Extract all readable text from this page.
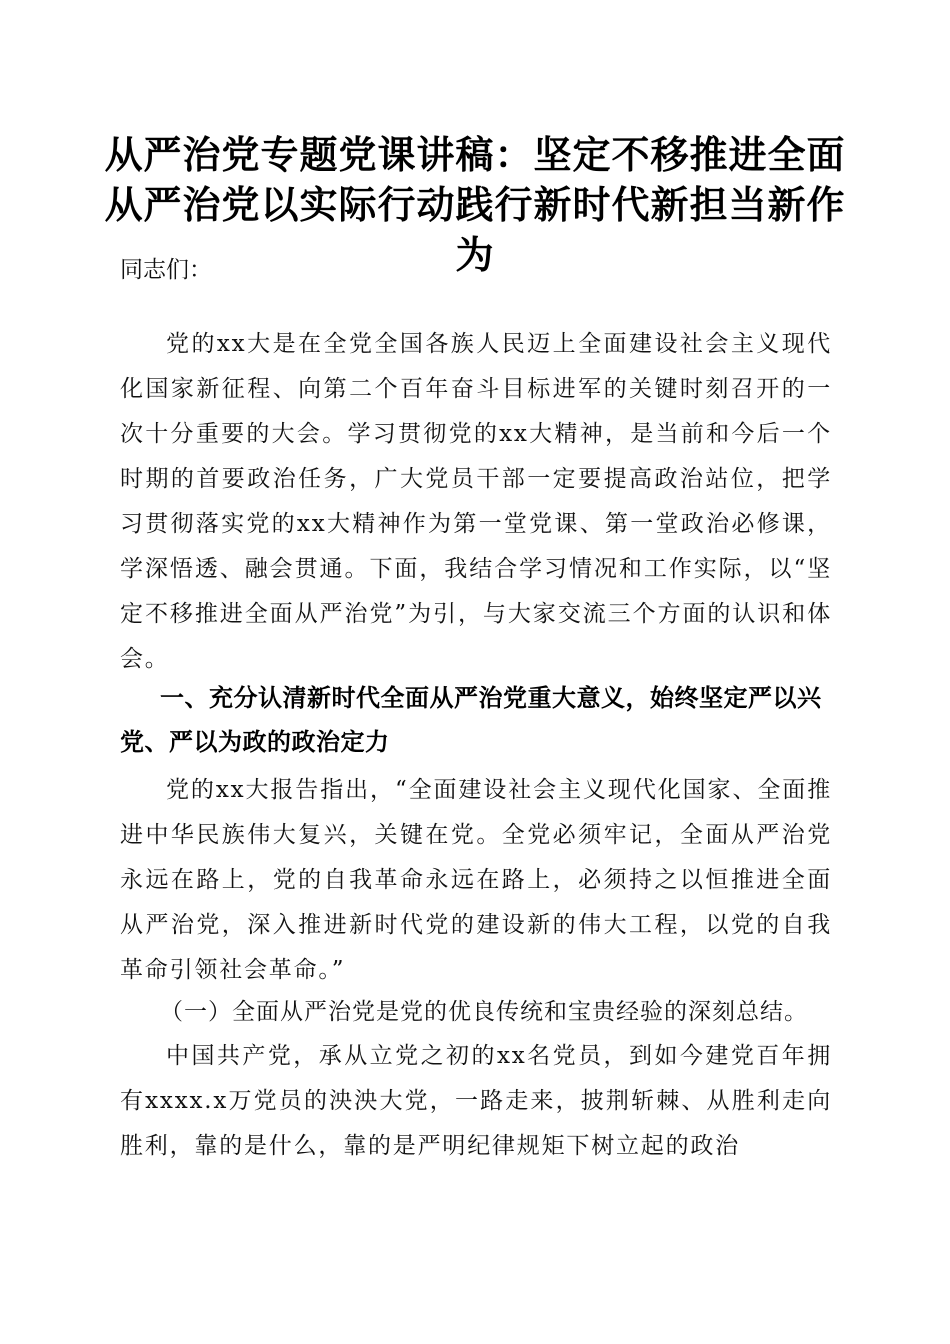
从严治党专题党课讲稿：坚定不移推进全面从严治党以实际行动践行新时代新担当新作为

同志们：

党的xx大是在全党全国各族人民迈上全面建设社会主义现代化国家新征程、向第二个百年奋斗目标进军的关键时刻召开的一次十分重要的大会。学习贯彻党的xx大精神，是当前和今后一个时期的首要政治任务，广大党员干部一定要提高政治站位，把学习贯彻落实党的xx大精神作为第一堂党课、第一堂政治必修课，学深悟透、融会贯通。下面，我结合学习情况和工作实际，以“坚定不移推进全面从严治党”为引，与大家交流三个方面的认识和体会。

一、充分认清新时代全面从严治党重大意义，始终坚定严以兴党、严以为政的政治定力

党的xx大报告指出，“全面建设社会主义现代化国家、全面推进中华民族伟大复兴，关键在党。全党必须牢记，全面从严治党永远在路上，党的自我革命永远在路上，必须持之以恒推进全面从严治党，深入推进新时代党的建设新的伟大工程，以党的自我革命引领社会革命。”

（一）全面从严治党是党的优良传统和宝贵经验的深刻总结。

中国共产党，承从立党之初的xx名党员，到如今建党百年拥有xxxx.x万党员的泱泱大党，一路走来，披荆斩棘、从胜利走向胜利，靠的是什么，靠的是严明纪律规矩下树立起的政治
